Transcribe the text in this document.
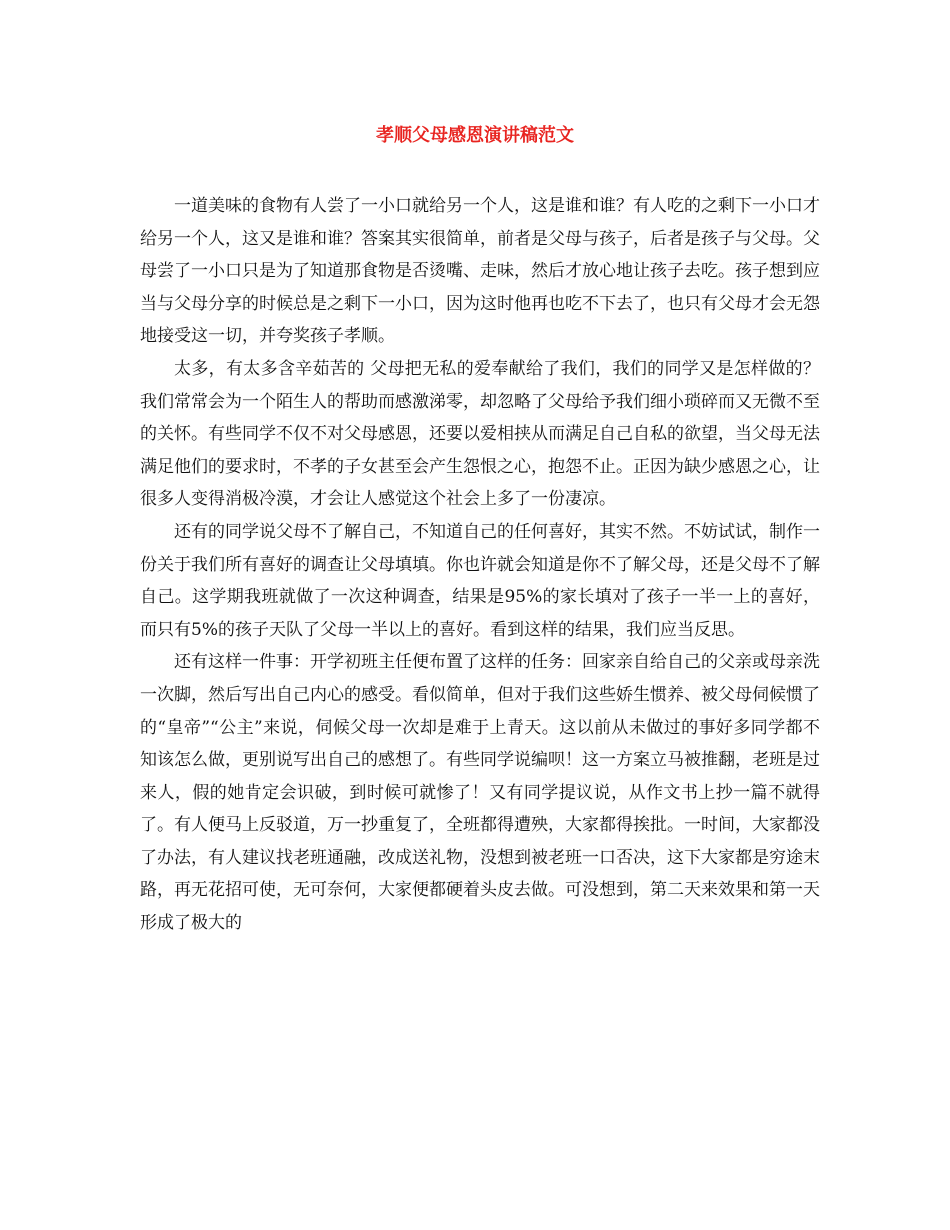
孝顺父母感恩演讲稿范文

一道美味的食物有人尝了一小口就给另一个人，这是谁和谁？有人吃的之剩下一小口才给另一个人，这又是谁和谁？答案其实很简单，前者是父母与孩子，后者是孩子与父母。父母尝了一小口只是为了知道那食物是否烫嘴、走味，然后才放心地让孩子去吃。孩子想到应当与父母分享的时候总是之剩下一小口，因为这时他再也吃不下去了，也只有父母才会无怨地接受这一切，并夸奖孩子孝顺。

太多，有太多含辛茹苦的 父母把无私的爱奉献给了我们，我们的同学又是怎样做的？我们常常会为一个陌生人的帮助而感激涕零，却忽略了父母给予我们细小琐碎而又无微不至的关怀。有些同学不仅不对父母感恩，还要以爱相挟从而满足自己自私的欲望，当父母无法满足他们的要求时，不孝的子女甚至会产生怨恨之心，抱怨不止。正因为缺少感恩之心，让很多人变得消极冷漠，才会让人感觉这个社会上多了一份凄凉。

还有的同学说父母不了解自己，不知道自己的任何喜好，其实不然。不妨试试，制作一份关于我们所有喜好的调查让父母填填。你也许就会知道是你不了解父母，还是父母不了解自己。这学期我班就做了一次这种调查，结果是95%的家长填对了孩子一半一上的喜好，而只有5%的孩子天队了父母一半以上的喜好。看到这样的结果，我们应当反思。

还有这样一件事：开学初班主任便布置了这样的任务：回家亲自给自己的父亲或母亲洗一次脚，然后写出自己内心的感受。看似简单，但对于我们这些娇生惯养、被父母伺候惯了的“皇帝”“公主”来说，伺候父母一次却是难于上青天。这以前从未做过的事好多同学都不知该怎么做，更别说写出自己的感想了。有些同学说编呗！这一方案立马被推翻，老班是过来人，假的她肯定会识破，到时候可就惨了！又有同学提议说，从作文书上抄一篇不就得了。有人便马上反驳道，万一抄重复了，全班都得遭殃，大家都得挨批。一时间，大家都没了办法，有人建议找老班通融，改成送礼物，没想到被老班一口否决，这下大家都是穷途末路，再无花招可使，无可奈何，大家便都硬着头皮去做。可没想到，第二天来效果和第一天形成了极大的
